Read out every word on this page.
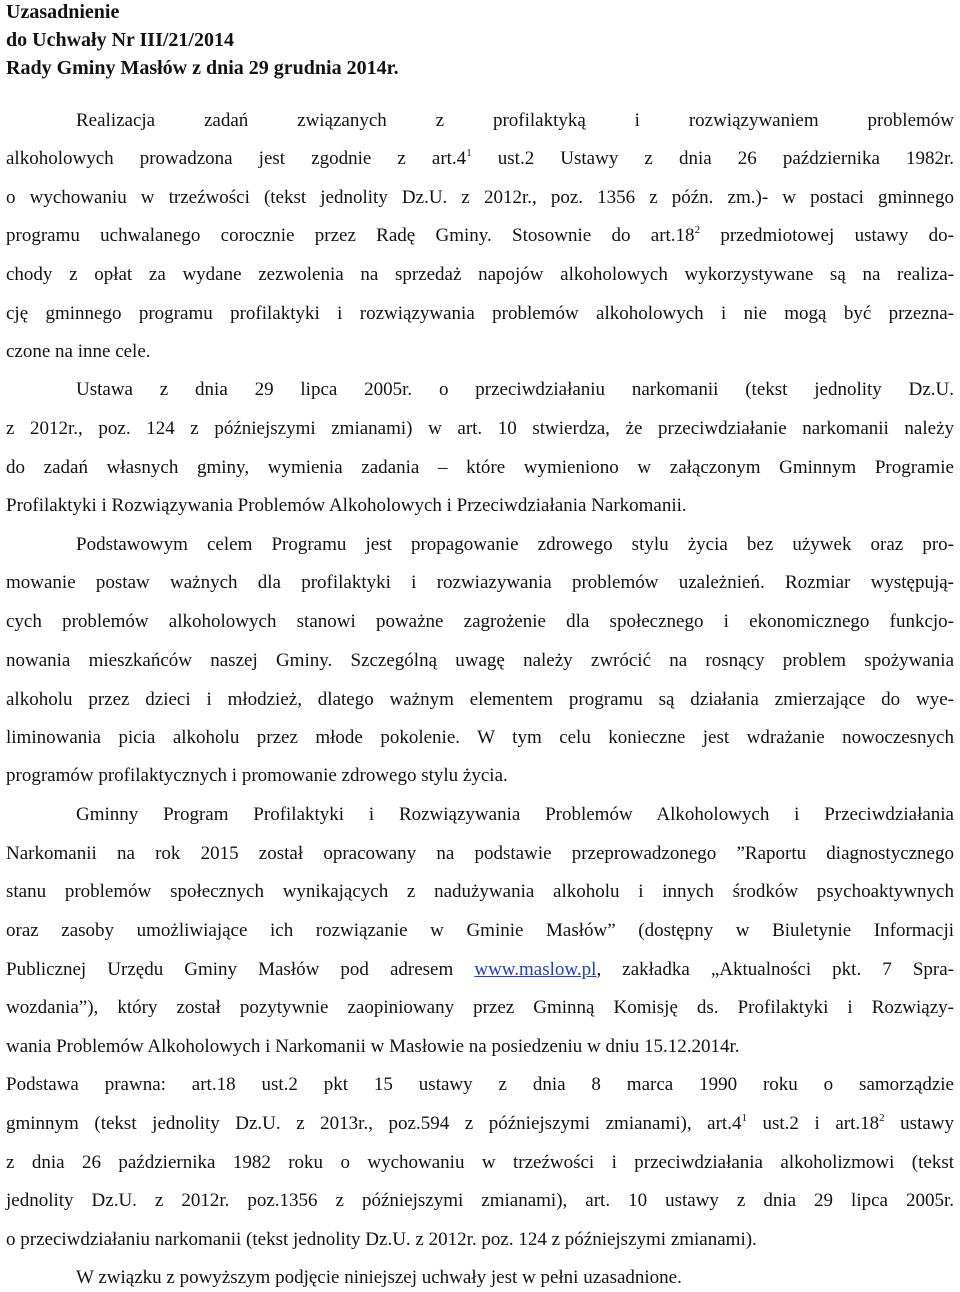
Uzasadnienie
do Uchwały Nr III/21/2014
Rady Gminy Masłów z dnia 29 grudnia 2014r.
Realizacja zadań związanych z profilaktyką i rozwiązywaniem problemów
alkoholowych prowadzona jest zgodnie z $art.4^1$ ust.2 Ustawy z dnia 26 października 1982r.
o wychowaniu w trzeźwości (tekst jednolity Dz.U. z 2012r., poz. 1356 z późn. zm.)- w postaci gminnego
programu uchwalanego corocznie przez Radę Gminy. Stosownie do $art.18^2$ przedmiotowej ustawy do-
chody z opłat za wydane zezwolenia na sprzedaż napojów alkoholowych wykorzystywane są na realiza-
cję gminnego programu profilaktyki i rozwiązywania problemów alkoholowych i nie mogą być przezna-
czone na inne cele.
Ustawa z dnia 29 lipca 2005r. o przeciwdziałaniu narkomanii (tekst jednolity Dz.U.
z 2012r., poz. 124 z późniejszymi zmianami) w art. 10 stwierdza, że przeciwdziałanie narkomanii należy
do zadań własnych gminy, wymienia zadania – które wymieniono w załączonym Gminnym Programie
Profilaktyki i Rozwiązywania Problemów Alkoholowych i Przeciwdziałania Narkomanii.
Podstawowym celem Programu jest propagowanie zdrowego stylu życia bez używek oraz pro-
mowanie postaw ważnych dla profilaktyki i rozwiazywania problemów uzależnień. Rozmiar występują-
cych problemów alkoholowych stanowi poważne zagrożenie dla społecznego i ekonomicznego funkcjo-
nowania mieszkańców naszej Gminy. Szczególną uwagę należy zwrócić na rosnący problem spożywania
alkoholu przez dzieci i młodzież, dlatego ważnym elementem programu są działania zmierzające do wye-
liminowania picia alkoholu przez młode pokolenie. W tym celu konieczne jest wdrażanie nowoczesnych
programów profilaktycznych i promowanie zdrowego stylu życia.
Gminny Program Profilaktyki i Rozwiązywania Problemów Alkoholowych i Przeciwdziałania
Narkomanii na rok 2015 został opracowany na podstawie przeprowadzonego ”Raportu diagnostycznego
stanu problemów społecznych wynikających z nadużywania alkoholu i innych środków psychoaktywnych
oraz zasoby umożliwiające ich rozwiązanie w Gminie Masłów” (dostępny w Biuletynie Informacji
Publicznej Urzędu Gminy Masłów pod adresem www.maslow.pl, zakładka „Aktualności pkt. 7 Spra-
wozdania”), który został pozytywnie zaopiniowany przez Gminną Komisję ds. Profilaktyki i Rozwiązy-
wania Problemów Alkoholowych i Narkomanii w Masłowie na posiedzeniu w dniu 15.12.2014r.
Podstawa prawna: art.18 ust.2 pkt 15 ustawy z dnia 8 marca 1990 roku o samorządzie
gminnym (tekst jednolity Dz.U. z 2013r., poz.594 z późniejszymi zmianami), $art.4^1$ ust.2 i $art.18^2$ ustawy
z dnia 26 października 1982 roku o wychowaniu w trzeźwości i przeciwdziałania alkoholizmowi (tekst
jednolity Dz.U. z 2012r. poz.1356 z późniejszymi zmianami), art. 10 ustawy z dnia 29 lipca 2005r.
o przeciwdziałaniu narkomanii (tekst jednolity Dz.U. z 2012r. poz. 124 z późniejszymi zmianami).
W związku z powyższym podjęcie niniejszej uchwały jest w pełni uzasadnione.
